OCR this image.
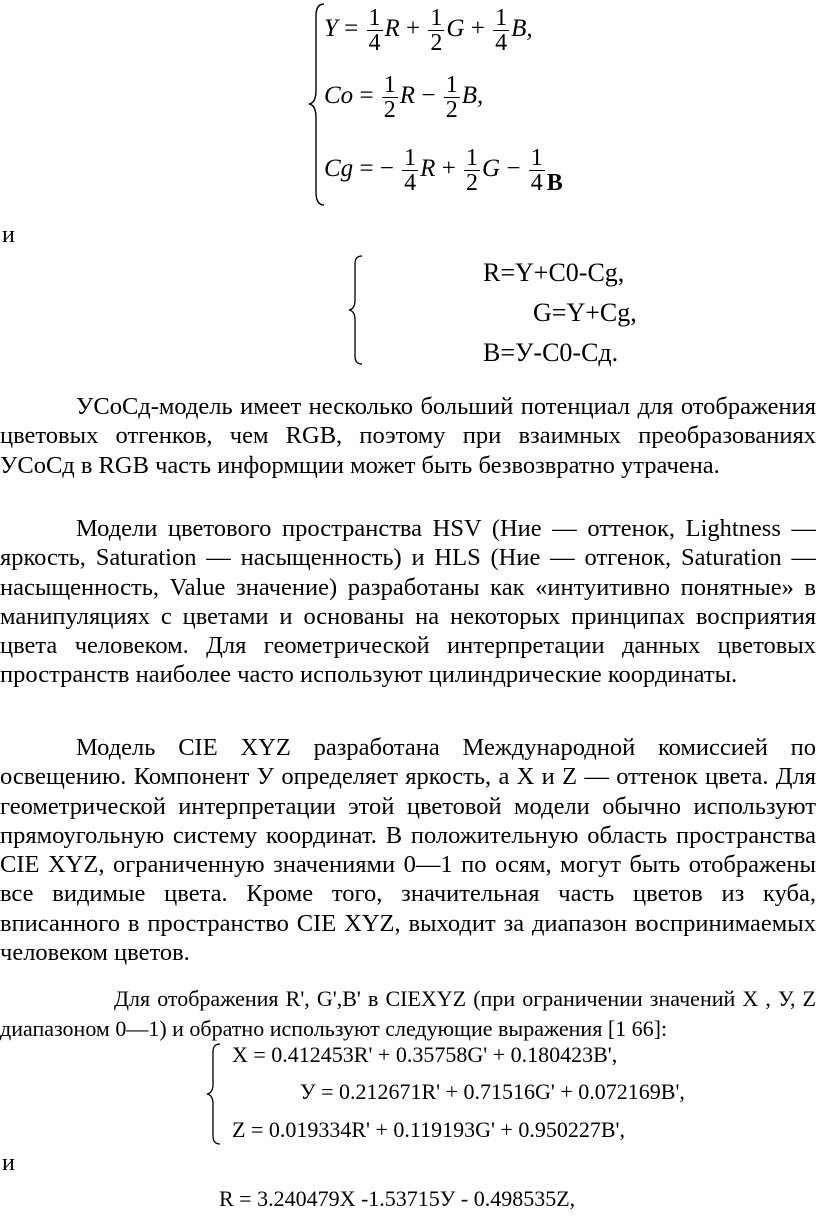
$Y = \frac{1}{4}$ $R + \frac{1}{2}$ $G + \frac{1}{4} B$,
$Co = \frac{1}{2}$ $R - \frac{1}{2} B$,
Cg = − $\frac{1}{4}$ $R + \frac{1}{2}$ $G - \frac{1}{4}$ B
и
R=Y+C0-Cg,
G=Y+Cg,
B=У-C0-Cд.

УCоCд-модель имеет несколько больший потенциал для отображения цветовых отгенков, чем RGB, поэтому при взаимных преобразованиях УCоCд в RGB часть информщии может быть безвозвратно утрачена.

Модели цветового пространства HSV (Hие — оттенок, Lightness — яркость, Saturation — насыщенность) и HLS (Hие — отгенок, Saturation — насыщенность, Value значение) разработаны как «интуитивно понятные» в манипуляциях с цветами и основаны на некоторых принципах восприятия цвета человеком. Для геометрической интерпретации данных цветовых пространств наиболее часто используют цилиндрические координаты.

Модель CIE XYZ разработана Международной комиссией по освещению. Компонент У определяет яркость, а X и Z — оттенок цвета. Для геометрической интерпретации этой цветовой модели обычно используют прямоугольную систему координат. В положительную область пространства CIE XYZ, ограниченную значениями 0—1 по осям, могут быть отображены все видимые цвета. Кроме того, значительная часть цветов из куба, вписанного в пространство CIE XYZ, выходит за диапазон воспринимаемых человеком цветов.

Для отображения R', G',B' в CIEXYZ (при ограничении значений X , У, Z диапазоном 0—1) и обратно используют следующие выражения [1 66]:

X = 0.412453R' + 0.35758G' + 0.180423B',
У = 0.212671R' + 0.71516G' + 0.072169B',
Z = 0.019334R' + 0.119193G' + 0.950227B',
и
R = 3.240479X -1.53715У - 0.498535Z,
